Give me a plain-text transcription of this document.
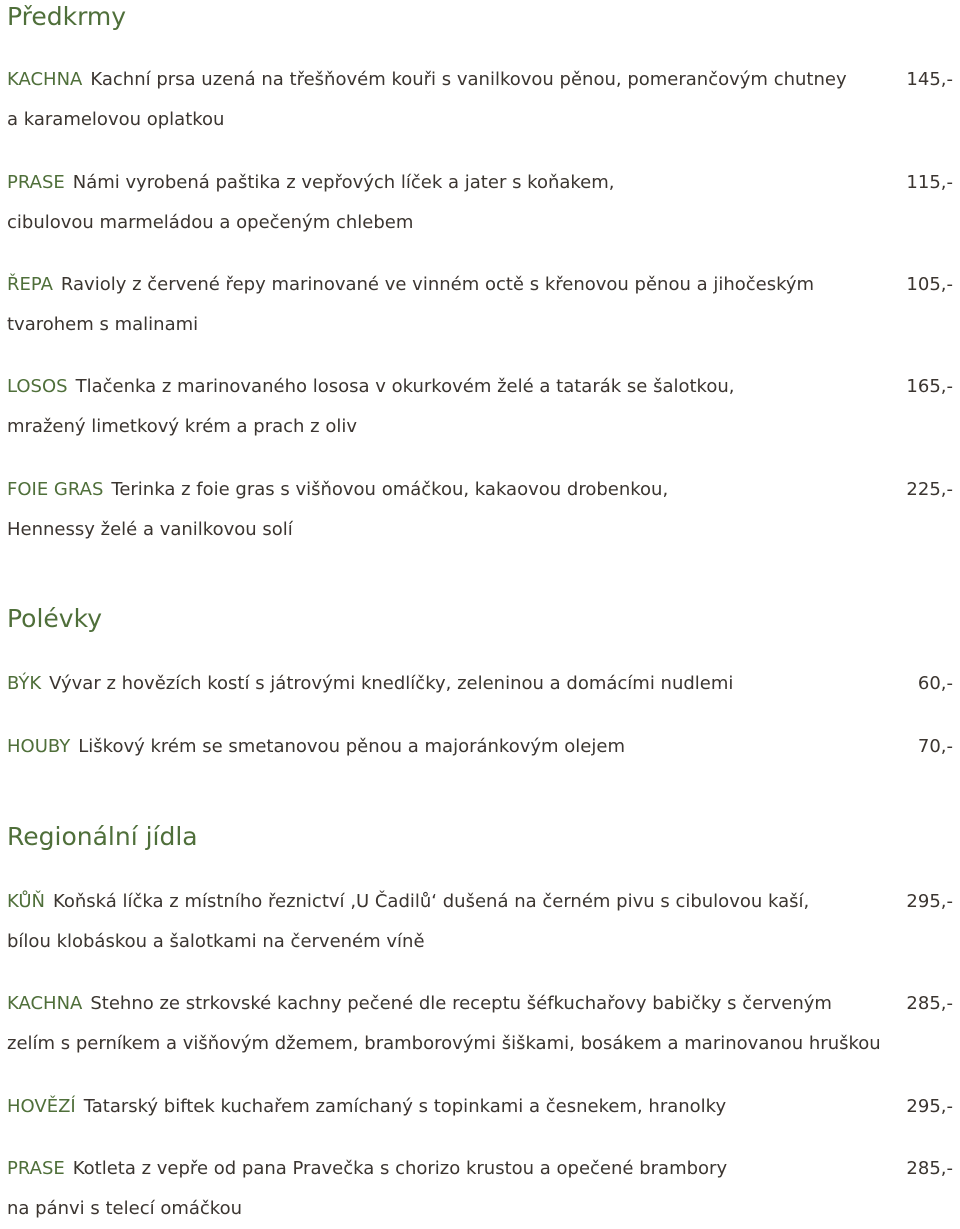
Předkrmy
KACHNA Kachní prsa uzená na třešňovém kouři s vanilkovou pěnou, pomerančovým chutney	145,-
a karamelovou oplatkou
PRASE Námi vyrobená paštika z vepřových líček a jater s koňakem,	115,-
cibulovou marmeládou a opečeným chlebem
ŘEPA Ravioly z červené řepy marinované ve vinném octě s křenovou pěnou a jihočeským	105,-
tvarohem s malinami
LOSOS Tlačenka z marinovaného lososa v okurkovém želé a tatarák se šalotkou,	165,-
mražený limetkový krém a prach z oliv
FOIE GRAS Terinka z foie gras s višňovou omáčkou, kakaovou drobenkou,	225,-
Hennessy želé a vanilkovou solí
Polévky
BÝK Vývar z hovězích kostí s játrovými knedlíčky, zeleninou a domácími nudlemi	60,-
HOUBY Liškový krém se smetanovou pěnou a majoránkovým olejem	70,-
Regionální jídla
KŮŇ Koňská líčka z místního řeznictví ‚U Čadilů‘ dušená na černém pivu s cibulovou kaší,	295,-
bílou klobáskou a šalotkami na červeném víně
KACHNA Stehno ze strkovské kachny pečené dle receptu šéfkuchařovy babičky s červeným	285,-
zelím s perníkem a višňovým džemem, bramborovými šiškami, bosákem a marinovanou hruškou
HOVĚZÍ Tatarský biftek kuchařem zamíchaný s topinkami a česnekem, hranolky	295,-
PRASE Kotleta z vepře od pana Pravečka s chorizo krustou a opečené brambory	285,-
na pánvi s telecí omáčkou
